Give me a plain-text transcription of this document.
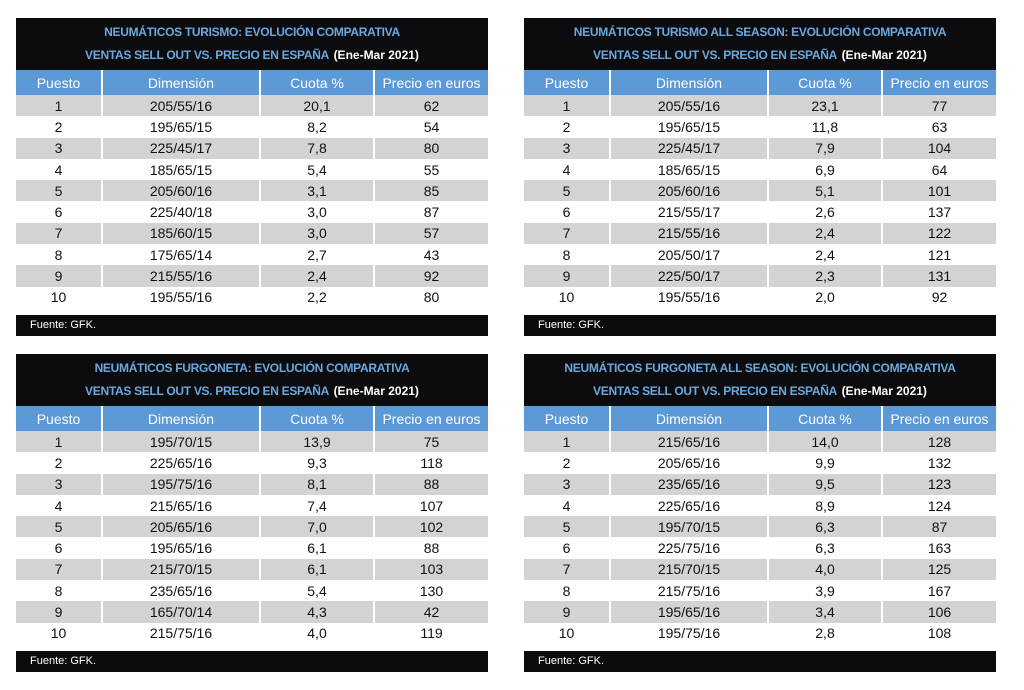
NEUMÁTICOS TURISMO: EVOLUCIÓN COMPARATIVA
VENTAS SELL OUT VS. PRECIO EN ESPAÑA (Ene-Mar 2021)
Puesto	Dimensión	Cuota %	Precio en euros
1	205/55/16	20,1	62
2	195/65/15	8,2	54
3	225/45/17	7,8	80
4	185/65/15	5,4	55
5	205/60/16	3,1	85
6	225/40/18	3,0	87
7	185/60/15	3,0	57
8	175/65/14	2,7	43
9	215/55/16	2,4	92
10	195/55/16	2,2	80
Fuente: GFK.
NEUMÁTICOS TURISMO ALL SEASON: EVOLUCIÓN COMPARATIVA
VENTAS SELL OUT VS. PRECIO EN ESPAÑA (Ene-Mar 2021)
Puesto	Dimensión	Cuota %	Precio en euros
1	205/55/16	23,1	77
2	195/65/15	11,8	63
3	225/45/17	7,9	104
4	185/65/15	6,9	64
5	205/60/16	5,1	101
6	215/55/17	2,6	137
7	215/55/16	2,4	122
8	205/50/17	2,4	121
9	225/50/17	2,3	131
10	195/55/16	2,0	92
Fuente: GFK.
NEUMÁTICOS FURGONETA: EVOLUCIÓN COMPARATIVA
VENTAS SELL OUT VS. PRECIO EN ESPAÑA (Ene-Mar 2021)
Puesto	Dimensión	Cuota %	Precio en euros
1	195/70/15	13,9	75
2	225/65/16	9,3	118
3	195/75/16	8,1	88
4	215/65/16	7,4	107
5	205/65/16	7,0	102
6	195/65/16	6,1	88
7	215/70/15	6,1	103
8	235/65/16	5,4	130
9	165/70/14	4,3	42
10	215/75/16	4,0	119
Fuente: GFK.
NEUMÁTICOS FURGONETA ALL SEASON: EVOLUCIÓN COMPARATIVA
VENTAS SELL OUT VS. PRECIO EN ESPAÑA (Ene-Mar 2021)
Puesto	Dimensión	Cuota %	Precio en euros
1	215/65/16	14,0	128
2	205/65/16	9,9	132
3	235/65/16	9,5	123
4	225/65/16	8,9	124
5	195/70/15	6,3	87
6	225/75/16	6,3	163
7	215/70/15	4,0	125
8	215/75/16	3,9	167
9	195/65/16	3,4	106
10	195/75/16	2,8	108
Fuente: GFK.
